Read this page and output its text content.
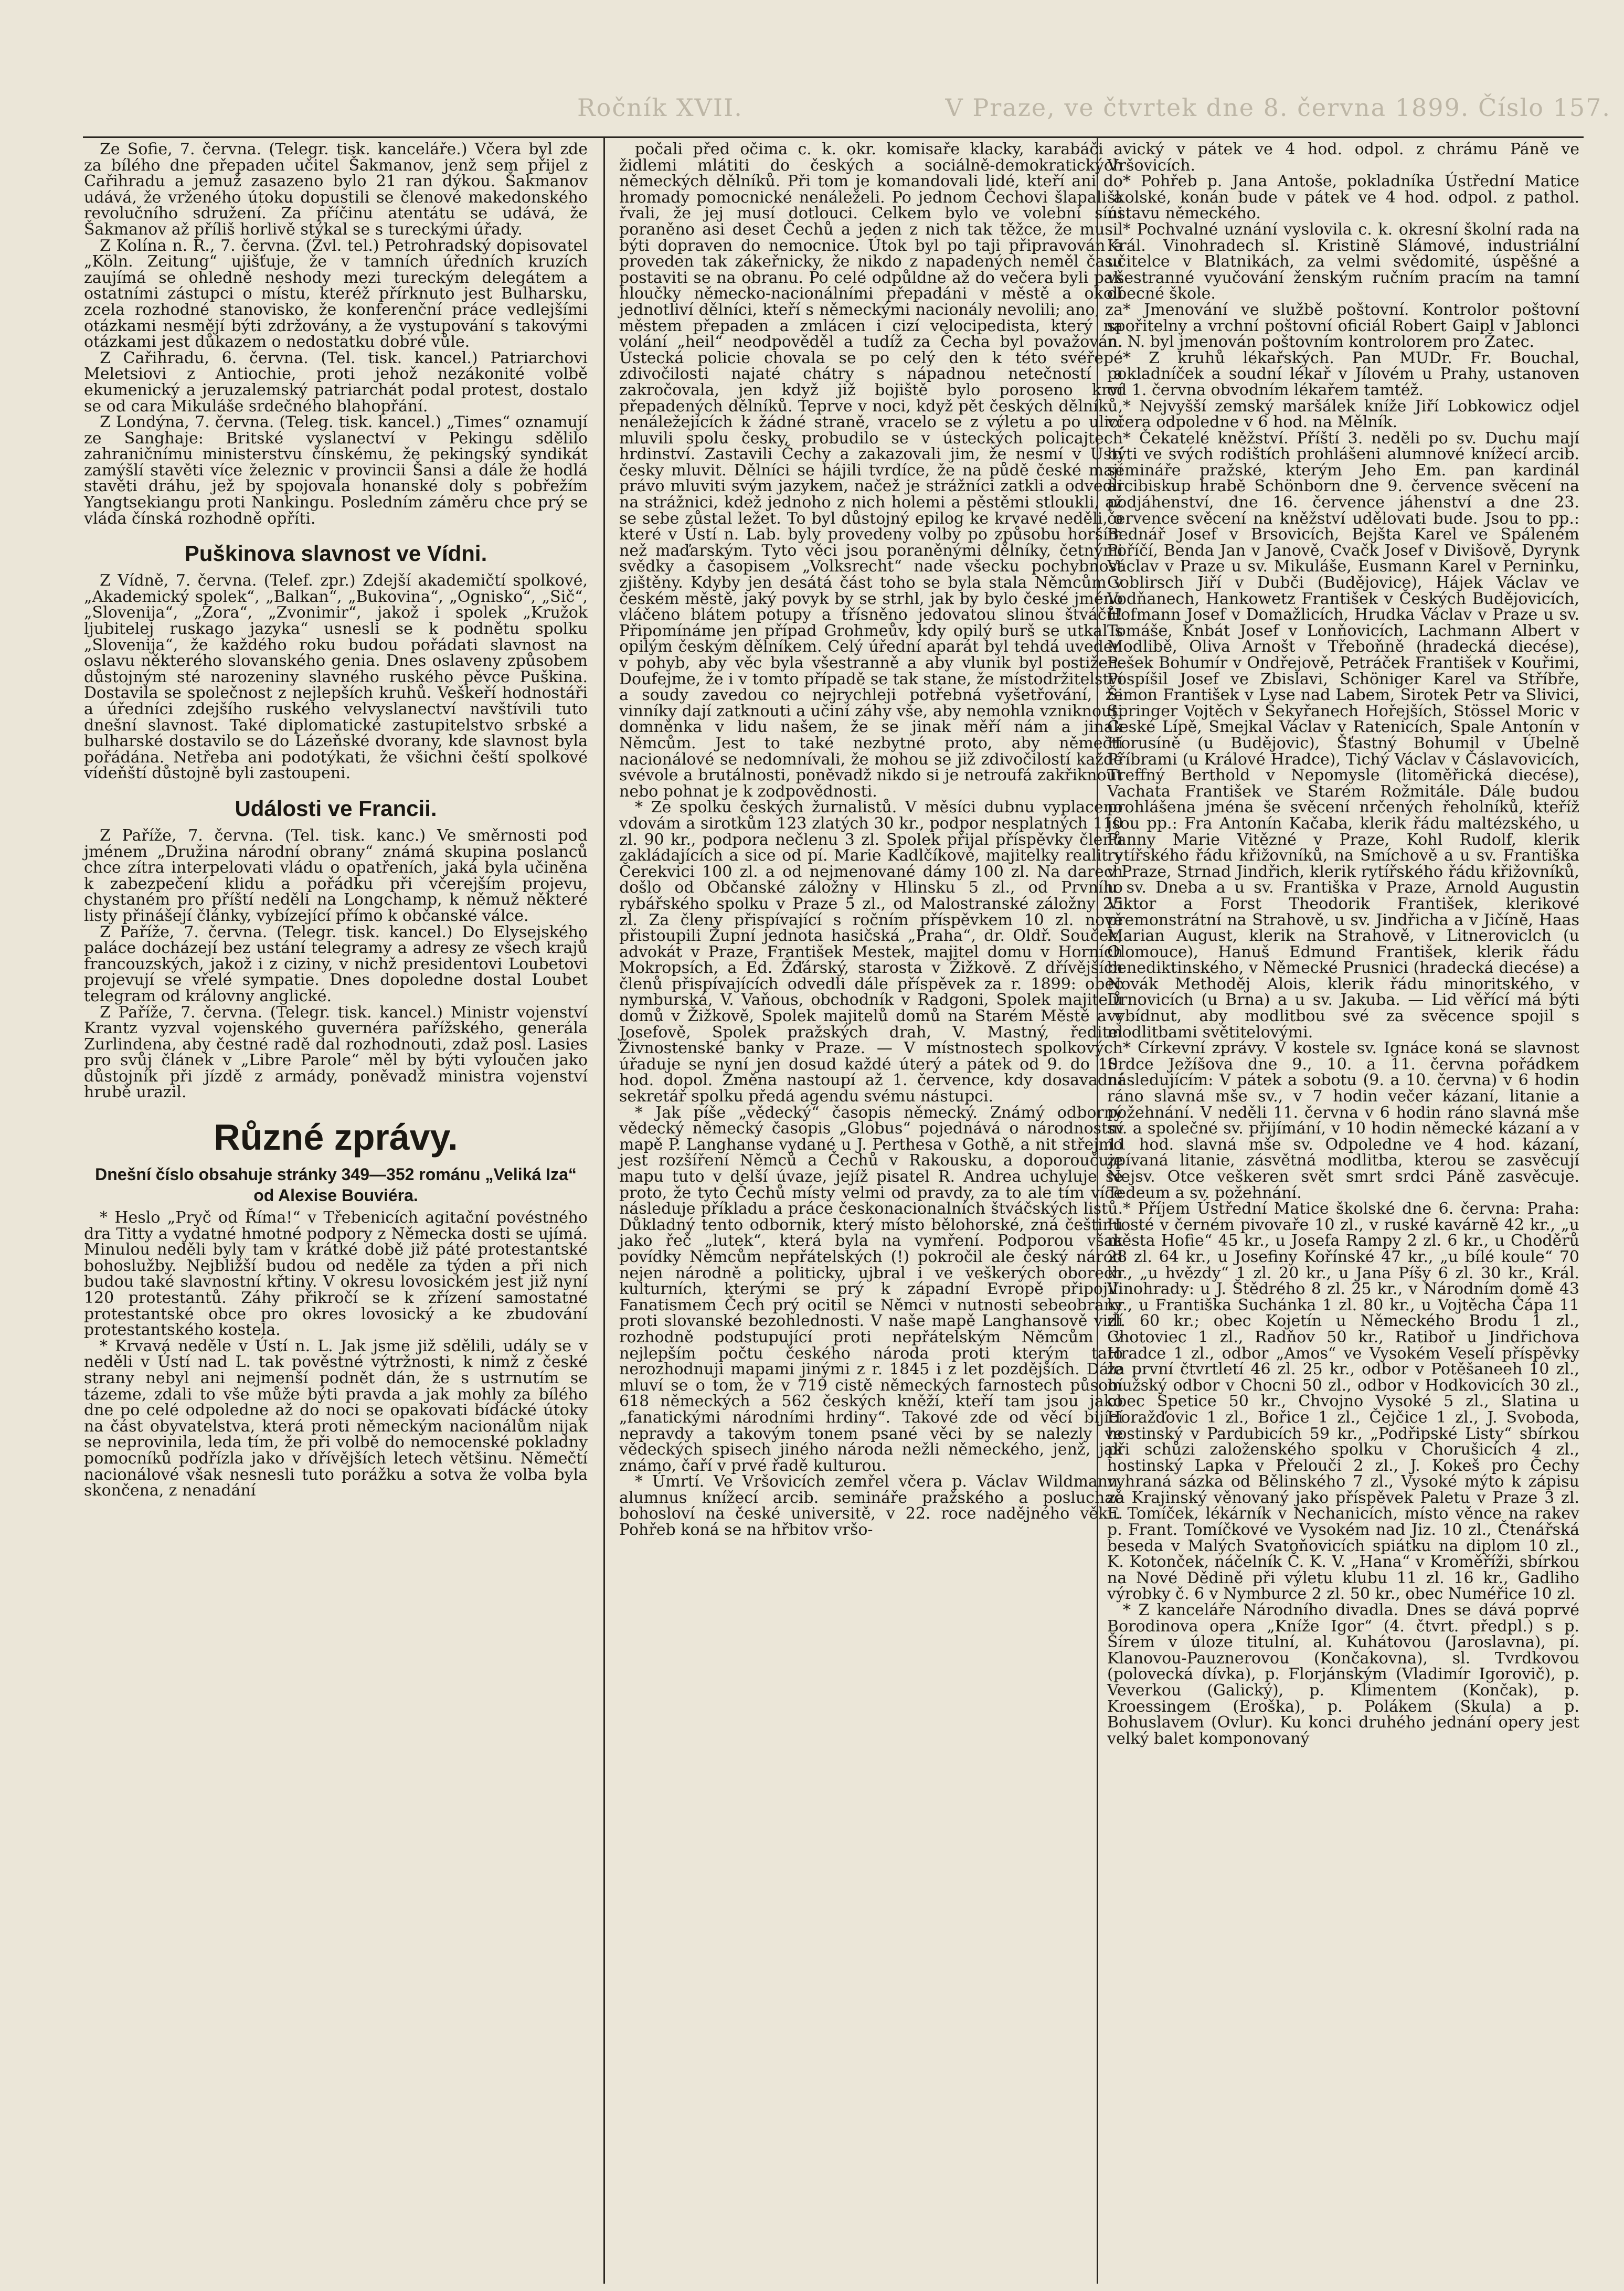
Ročník XVII.	V Praze, ve čtvrtek dne 8. června 1899. Číslo 157.

Ze Sofie, 7. června. (Telegr. tisk. kanceláře.) Včera byl zde za bílého dne přepaden učitel Šakmanov, jenž sem přijel z Cařihradu a jemuž zasazeno bylo 21 ran dýkou. Šakmanov udává, že vrženého útoku dopustili se členové makedonského revolučního sdružení. Za příčinu atentátu se udává, že Šakmanov až příliš horlivě stýkal se s tureckými úřady.

Z Kolína n. R., 7. června. (Zvl. tel.) Petrohradský dopisovatel „Köln. Zeitung“ ujišťuje, že v tamních úředních kruzích zaujímá se ohledně neshody mezi tureckým delegátem a ostatními zástupci o místu, kteréž přírknuto jest Bulharsku, zcela rozhodné stanovisko, že konferenční práce vedlejšími otázkami nesmějí býti zdržovány, a že vystupování s takovými otázkami jest důkazem o nedostatku dobré vůle.

Z Cařihradu, 6. června. (Tel. tisk. kancel.) Patriarchovi Meletsiovi z Antiochie, proti jehož nezákonité volbě ekumenický a jeruzalemský patriarchát podal protest, dostalo se od cara Mikuláše srdečného blahopřání.

Z Londýna, 7. června. (Teleg. tisk. kancel.) „Times“ oznamují ze Sanghaje: Britské vyslanectví v Pekingu sdělilo zahraničnímu ministerstvu čínskému, že pekingský syndikát zamýšlí stavěti více železnic v provincii Šansi a dále že hodlá stavěti dráhu, jež by spojovala honanské doly s pobřežím Yangtsekiangu proti Nankingu. Posledním záměru chce prý se vláda čínská rozhodně opříti.

Puškinova slavnost ve Vídni.

Z Vídně, 7. června. (Telef. zpr.) Zdejší akademičtí spolkové, „Akademický spolek“, „Balkan“, „Bukovina“, „Ognisko“, „Sič“, „Slovenija“, „Zora“, „Zvonimir“, jakož i spolek „Kružok ljubitelej ruskago jazyka“ usnesli se k podnětu spolku „Slovenija“, že každého roku budou pořádati slavnost na oslavu některého slovanského genia. Dnes oslaveny způsobem důstojným sté narozeniny slavného ruského pěvce Puškina. Dostavila se společnost z nejlepších kruhů. Veškeří hodnostáři a úředníci zdejšího ruského velvyslanectví navštívili tuto dnešní slavnost. Také diplomatické zastupitelstvo srbské a bulharské dostavilo se do Lázeňské dvorany, kde slavnost byla pořádána. Netřeba ani podotýkati, že všichni čeští spolkové vídeňští důstojně byli zastoupeni.

Události ve Francii.

Z Paříže, 7. června. (Tel. tisk. kanc.) Ve směrnosti pod jménem „Družina národní obrany“ známá skupina poslanců chce zítra interpelovati vládu o opatřeních, jaká byla učiněna k zabezpečení klidu a pořádku při včerejším projevu, chystaném pro příští neděli na Longchamp, k němuž některé listy přinášejí články, vybízející přímo k občanské válce.

Z Paříže, 7. června. (Telegr. tisk. kancel.) Do Elysejského paláce docházejí bez ustání telegramy a adresy ze všech krajů francouzských, jakož i z ciziny, v nichž presidentovi Loubetovi projevují se vřelé sympatie. Dnes dopoledne dostal Loubet telegram od královny anglické.

Z Paříže, 7. června. (Telegr. tisk. kancel.) Ministr vojenství Krantz vyzval vojenského guvernéra pařížského, generála Zurlindena, aby čestné radě dal rozhodnouti, zdaž posl. Lasies pro svůj článek v „Libre Parole“ měl by býti vyloučen jako důstojník při jízdě z armády, poněvadž ministra vojenství hrubě urazil.

Různé zprávy.

Dnešní číslo obsahuje stránky 349—352 románu „Veliká Iza“ od Alexise Bouviéra.

* Heslo „Pryč od Říma!“ v Třebenicích agitační povéstného dra Titty a vydatné hmotné podpory z Německa dosti se ujímá. Minulou neděli byly tam v krátké době již páté protestantské bohoslužby. Nejbližší budou od neděle za týden a při nich budou také slavnostní křtiny. V okresu lovosickém jest již nyní 120 protestantů. Záhy přikročí se k zřízení samostatné protestantské obce pro okres lovosický a ke zbudování protestantského kostela.

* Krvavá neděle v Ústí n. L. Jak jsme již sdělili, udály se v neděli v Ústí nad L. tak pověstné výtržnosti, k nimž z české strany nebyl ani nejmenší podnět dán, že s ustrnutím se tázeme, zdali to vše může býti pravda a jak mohly za bílého dne po celé odpoledne až do noci se opakovati bídácké útoky na část obyvatelstva, která proti německým nacionálům nijak se neprovinila, leda tím, že při volbě do nemocenské pokladny pomocníků podřízla jako v dřívějších letech většinu. Němečtí nacionálové však nesnesli tuto porážku a sotva že volba byla skončena, z nenadání

počali před očima c. k. okr. komisaře klacky, karabáči a židlemi mlátiti do českých a sociálně-demokratických německých dělníků. Při tom je komandovali lidé, kteří ani do hromady pomocnické nenáleželi. Po jednom Čechovi šlapali a řvali, že jej musí dotlouci. Celkem bylo ve volební síni poraněno asi deset Čechů a jeden z nich tak těžce, že musil býti dopraven do nemocnice. Útok byl po taji připravován a proveden tak zákeřnicky, že nikdo z napadených neměl času postaviti se na obranu. Po celé odpůldne až do večera byli pak hloučky německo-nacionálními přepadáni v městě a okolí jednotliví dělníci, kteří s německými nacionály nevolili; ano, za městem přepaden a zmlácen i cizí velocipedista, který na volání „heil“ neodpověděl a tudíž za Čecha byl považován. Ústecká policie chovala se po celý den k této svéřepé zdivočilosti najaté chátry s nápadnou netečností a zakročovala, jen když již bojiště bylo poroseno krví přepadených dělníků. Teprve v noci, když pět českých dělníků, nenáležejících k žádné straně, vracelo se z výletu a po ulici mluvili spolu česky, probudilo se v ústeckých policajtech hrdinství. Zastavili Čechy a zakazovali jim, že nesmí v Ústí česky mluvit. Dělníci se hájili tvrdíce, že na půdě české mají právo mluviti svým jazykem, načež je strážníci zatkli a odvedli na strážnici, kdež jednoho z nich holemi a pěstěmi stloukli, až se sebe zůstal ležet. To byl důstojný epilog ke krvavé neděli, o které v Ústí n. Lab. byly provedeny volby po způsobu horším než maďarským. Tyto věci jsou poraněnými dělníky, četnými svědky a časopisem „Volksrecht“ nade všecku pochybnost zjištěny. Kdyby jen desátá část toho se byla stala Němcům v českém městě, jaký povyk by se strhl, jak by bylo české jméno vláčeno blátem potupy a třísněno jedovatou slinou štváčů! Připomínáme jen případ Grohmeův, kdy opilý burš se utkal s opilým českým dělníkem. Celý úřední aparát byl tehdá uveden v pohyb, aby věc byla všestranně a aby vlunik byl postižen. Doufejme, že i v tomto případě se tak stane, že místodržitelství a soudy zavedou co nejrychleji potřebná vyšetřování, že vinníky dají zatknouti a učiní záhy vše, aby nemohla vzniknouti domněnka v lidu našem, že se jinak měří nám a jinak Němcům. Jest to také nezbytné proto, aby němečtí nacionálové se nedomnívali, že mohou se již zdivočilostí každé svévole a brutálnosti, poněvadž nikdo si je netroufá zakřiknout nebo pohnat je k zodpovědnosti.

* Ze spolku českých žurnalistů. V měsíci dubnu vyplaceno vdovám a sirotkům 123 zlatých 30 kr., podpor nesplatných 110 zl. 90 kr., podpora nečlenu 3 zl. Spolek přijal příspěvky členů zakládajících a sice od pí. Marie Kadlčíkové, majitelky realit v Čerekvici 100 zl. a od nejmenované dámy 100 zl. Na darech došlo od Občanské záložny v Hlinsku 5 zl., od Prvního rybářského spolku v Praze 5 zl., od Malostranské záložny 25 zl. Za členy přispívající s ročním příspěvkem 10 zl. nově přistoupili Župní jednota hasičská „Praha“, dr. Oldř. Souček, advokát v Praze, František Mestek, majitel domu v Horních Mokropsích, a Ed. Žďárský, starosta v Žižkově. Z dřívějších členů přispívajících odvedli dále příspěvek za r. 1899: obec nymburská, V. Vaňous, obchodník v Radgoni, Spolek majitelů domů v Žižkově, Spolek majitelů domů na Starém Městě a v Josefově, Spolek pražských drah, V. Mastný, ředitel Živnostenské banky v Praze. — V místnostech spolkových úřaduje se nyní jen dosud každé úterý a pátek od 9. do 10. hod. dopol. Změna nastoupí až 1. července, kdy dosavadní sekretář spolku předá agendu svému nástupci.

* Jak píše „vědecký“ časopis německý. Známý odborný vědecký německý časopis „Globus“ pojednává o národnostní mapě P. Langhanse vydané u J. Perthesa v Gothě, a nit střejmo jest rozšíření Němců a Čechů v Rakousku, a doporoučuje mapu tuto v delší úvaze, jejíž pisatel R. Andrea uchyluje se proto, že tyto Čechů místy velmi od pravdy, za to ale tím více následuje příkladu a práce českonacionalních štváčských listů. Důkladný tento odbornik, který místo bělohorské, zná češtinu jako řeč „lutek“, která byla na vymření. Podporou však povídky Němcům nepřátelských (!) pokročil ale český národ nejen národně a politicky, ujbral i ve veškerých oborech kulturních, kterými se prý k západní Evropě připojil. Fanatismem Čech prý ocitil se Němci v nutnosti sebeobrany proti slovanské bezohlednosti. V naše mapě Langhansově vidí rozhodně podstupující proti nepřátelským Němcům v nejlepším počtu českého národa proti kterým tato nerozhodnuji mapami jinými z r. 1845 i z let pozdějších. Dále mluví se o tom, že v 719 cistě německých farnostech působí 618 německých a 562 českých kněží, kteří tam jsou jako „fanatickými národními hrdiny“. Takové zde od věcí bijící nepravdy a takovým tonem psané věci by se nalezly ve vědeckých spisech jiného národa nežli německého, jenž, jak známo, čaří v prvé řadě kulturou.

* Úmrtí. Ve Vršovicích zemřel včera p. Václav Wildmann, alumnus knížecí arcib. semináře pražského a posluchač bohosloví na české universitě, v 22. roce nadějného věku. Pohřeb koná se na hřbitov vršo-

vický v pátek ve 4 hod. odpol. z chrámu Páně ve Vršovicích.

* Pohřeb p. Jana Antoše, pokladníka Ústřední Matice školské, konán bude v pátek ve 4 hod. odpol. z pathol. ústavu německého.

* Pochvalné uznání vyslovila c. k. okresní školní rada na Král. Vinohradech sl. Kristině Slámové, industriální učitelce v Blatnikách, za velmi svědomité, úspěšné a všestranné vyučování ženským ručním pracím na tamní obecné škole.

* Jmenování ve službě poštovní. Kontrolor poštovní spořitelny a vrchní poštovní oficiál Robert Gaipl v Jablonci n. N. byl jmenován poštovním kontrolorem pro Žatec.

* Z kruhů lékařských. Pan MUDr. Fr. Bouchal, pokladníček a soudní lékař v Jílovém u Prahy, ustanoven od 1. června obvodním lékařem tamtéž.

* Nejvyšší zemský maršálek kníže Jiří Lobkowicz odjel včera odpoledne v 6 hod. na Mělník.

* Čekatelé kněžství. Příští 3. neděli po sv. Duchu mají býti ve svých rodištích prohlášeni alumnové knížecí arcib. semináře pražské, kterým Jeho Em. pan kardinál arcibiskup hrabě Schönborn dne 9. července svěcení na podjáhenství, dne 16. července jáhenství a dne 23. července svěcení na kněžství udělovati bude. Jsou to pp.: Bednář Josef v Brsovicích, Bejšta Karel ve Spáleném Poříčí, Benda Jan v Janově, Cvačk Josef v Divišově, Dyrynk Václav v Praze u sv. Mikuláše, Eusmann Karel v Perninku, Goblirsch Jiří v Dubči (Budějovice), Hájek Václav ve Vodňanech, Hankowetz František v Českých Budějovicích, Hofmann Josef v Domažlicích, Hrudka Václav v Praze u sv. Tomáše, Knbát Josef v Lonňovicích, Lachmann Albert v Modlibě, Oliva Arnošt v Třeboňně (hradecká diecése), Pešek Bohumír v Ondřejově, Petráček František v Kouřimi, Pospíšil Josef ve Zbislavi, Schöniger Karel va Stříbře, Šimon František v Lyse nad Labem, Sirotek Petr va Slivici, Springer Vojtěch v Sekyřanech Hořejších, Stössel Moric v České Lípě, Smejkal Václav v Ratenicích, Spale Antonín v Horusíně (u Budějovic), Šťastný Bohumil v Úbelně Příbrami (u Králové Hradce), Tichý Václav v Čáslavovicích, Treffný Berthold v Nepomysle (litoměřická diecése), Vachata František ve Starém Rožmitále. Dále budou prohlášena jména še svěcení nrčených řeholníků, kteříž jsou pp.: Fra Antonín Kačaba, klerik řádu maltézského, u Panny Marie Vitězné v Praze, Kohl Rudolf, klerik rytířského řádu křižovníků, na Smíchově a u sv. Františka v Praze, Strnad Jindřich, klerik rytířského řádu křižovníků, u sv. Dneba a u sv. Františka v Praze, Arnold Augustin Viktor a Forst Theodorik František, klerikové premonstrátní na Strahově, u sv. Jindřicha a v Jičíně, Haas Marian August, klerik na Strahově, v Litneroviclch (u Olomouce), Hanuš Edmund František, klerik řádu benediktinského, v Německé Prusnici (hradecká diecése) a Novák Methoděj Alois, klerik řádu minoritského, v Drnovicích (u Brna) a u sv. Jakuba. — Lid věřící má býti vybídnut, aby modlitbou své za svěcence spojil s modlitbami světitelovými.

* Církevní zprávy. V kostele sv. Ignáce koná se slavnost Srdce Ježíšova dne 9., 10. a 11. června pořádkem následujícím: V pátek a sobotu (9. a 10. června) v 6 hodin ráno slavná mše sv., v 7 hodin večer kázaní, litanie a požehnání. V neděli 11. června v 6 hodin ráno slavná mše sv. a společné sv. přijímání, v 10 hodin německé kázaní a v 11 hod. slavná mše sv. Odpoledne ve 4 hod. kázaní, zpívaná litanie, zásvětná modlitba, kterou se zasvěcují Nejsv. Otce veškeren svět smrt srdci Páně zasvěcuje. Tedeum a sv. požehnání.

* Příjem Ústřední Matice školské dne 6. června: Praha: Hosté v černém pivovaře 10 zl., v ruské kavárně 42 kr., „u města Hofie“ 45 kr., u Josefa Rampy 2 zl. 6 kr., u Choděrů 28 zl. 64 kr., u Josefiny Kořínské 47 kr., „u bílé koule“ 70 kr., „u hvězdy“ 1 zl. 20 kr., u Jana Píšy 6 zl. 30 kr., Král. Vinohrady: u J. Štědrého 8 zl. 25 kr., v Národním domě 43 kr., u Františka Suchánka 1 zl. 80 kr., u Vojtěcha Čápa 11 zl. 60 kr.; obec Kojetín u Německého Brodu 1 zl., Chotoviec 1 zl., Radňov 50 kr., Ratiboř u Jindřichova Hradce 1 zl., odbor „Amos“ ve Vysokém Veselí příspěvky za první čtvrtletí 46 zl. 25 kr., odbor v Potěšaneeh 10 zl., mužský odbor v Chocni 50 zl., odbor v Hodkovicích 30 zl., obec Spetice 50 kr., Chvojno Vysoké 5 zl., Slatina u Horažďovic 1 zl., Bořice 1 zl., Čejčice 1 zl., J. Svoboda, hostinský v Pardubicích 59 kr., „Podřipské Listy“ sbírkou při schůzi založenského spolku v Chorušicích 4 zl., hostinský Lapka v Přelouči 2 zl., J. Kokeš pro Čechy vyhraná sázka od Bělinského 7 zl., Vysoké mýto k zápisu za Krajinský věnovaný jako příspěvek Paletu v Praze 3 zl. F. Tomíček, lékárník v Nechanicích, místo věnce na rakev p. Frant. Tomíčkové ve Vysokém nad Jiz. 10 zl., Čtenářská beseda v Malých Svatoňovicích spiátku na diplom 10 zl., K. Kotonček, náčelník Č. K. V. „Hana“ v Kroměříži, sbírkou na Nové Dědině při výletu klubu 11 zl. 16 kr., Gadliho výrobky č. 6 v Nymburce 2 zl. 50 kr., obec Numéřice 10 zl.

* Z kanceláře Národního divadla. Dnes se dává poprvé Borodinova opera „Kníže Igor“ (4. čtvrt. předpl.) s p. Šírem v úloze titulní, al. Kuhátovou (Jaroslavna), pí. Klanovou-Pauznerovou (Končakovna), sl. Tvrdkovou (polovecká dívka), p. Florjánským (Vladimír Igorovič), p. Veverkou (Galický), p. Klimentem (Končak), p. Kroessingem (Eroška), p. Polákem (Skula) a p. Bohuslavem (Ovlur). Ku konci druhého jednání opery jest velký balet komponovaný
